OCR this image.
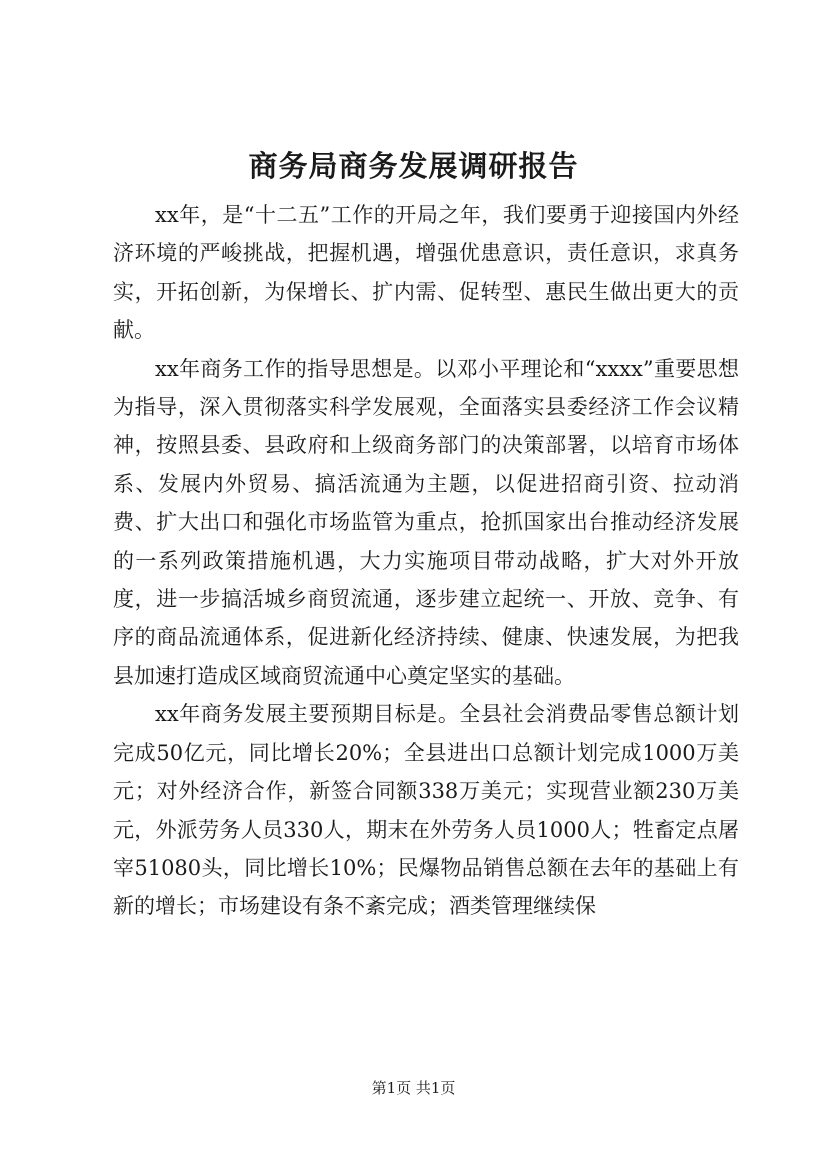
商务局商务发展调研报告

xx年，是“十二五”工作的开局之年，我们要勇于迎接国内外经济环境的严峻挑战，把握机遇，增强优患意识，责任意识，求真务实，开拓创新，为保增长、扩内需、促转型、惠民生做出更大的贡献。

xx年商务工作的指导思想是。以邓小平理论和“xxxx”重要思想为指导，深入贯彻落实科学发展观，全面落实县委经济工作会议精神，按照县委、县政府和上级商务部门的决策部署，以培育市场体系、发展内外贸易、搞活流通为主题，以促进招商引资、拉动消费、扩大出口和强化市场监管为重点，抢抓国家出台推动经济发展的一系列政策措施机遇，大力实施项目带动战略，扩大对外开放度，进一步搞活城乡商贸流通，逐步建立起统一、开放、竞争、有序的商品流通体系，促进新化经济持续、健康、快速发展，为把我县加速打造成区域商贸流通中心奠定坚实的基础。

xx年商务发展主要预期目标是。全县社会消费品零售总额计划完成50亿元，同比增长20%；全县进出口总额计划完成1000万美元；对外经济合作，新签合同额338万美元；实现营业额230万美元，外派劳务人员330人，期末在外劳务人员1000人；牲畜定点屠宰51080头，同比增长10%；民爆物品销售总额在去年的基础上有新的增长；市场建设有条不紊完成；酒类管理继续保

第1页 共1页
